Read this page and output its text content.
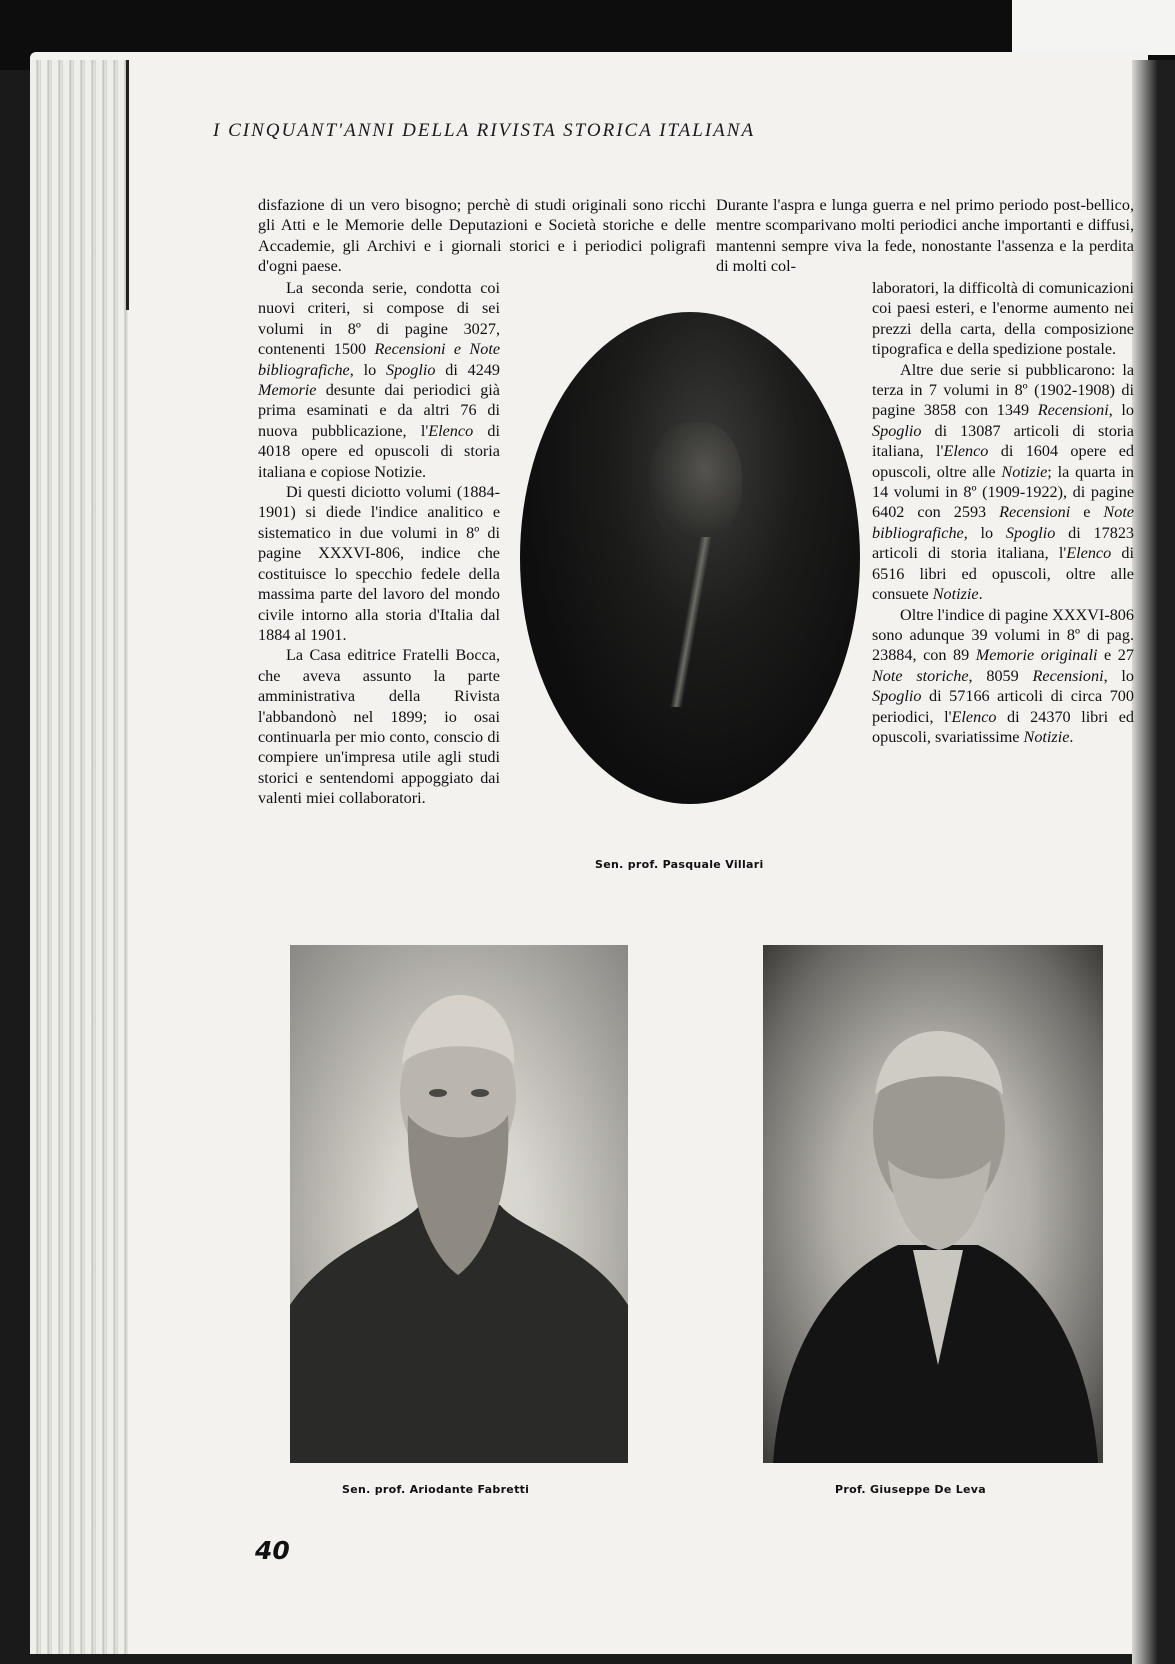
I CINQUANT'ANNI DELLA RIVISTA STORICA ITALIANA

disfazione di un vero bisogno; perchè di studi originali sono ricchi gli Atti e le Memorie delle Deputazioni e Società storiche e delle Accademie, gli Archivi e i giornali storici e i periodici poligrafi d'ogni paese.

Durante l'aspra e lunga guerra e nel primo periodo post-bellico, mentre scomparivano molti periodici anche importanti e diffusi, mantenni sempre viva la fede, nonostante l'assenza e la perdita di molti col-

La seconda serie, condotta coi nuovi criteri, si compose di sei volumi in 8º di pagine 3027, contenenti 1500 Recensioni e Note bibliografiche, lo Spoglio di 4249 Memorie desunte dai periodici già prima esaminati e da altri 76 di nuova pubblicazione, l'Elenco di 4018 opere ed opuscoli di storia italiana e copiose Notizie.

Di questi diciotto volumi (1884-1901) si diede l'indice analitico e sistematico in due volumi in 8º di pagine XXXVI-806, indice che costituisce lo specchio fedele della massima parte del lavoro del mondo civile intorno alla storia d'Italia dal 1884 al 1901.

La Casa editrice Fratelli Bocca, che aveva assunto la parte amministrativa della Rivista l'abbandonò nel 1899; io osai continuarla per mio conto, conscio di compiere un'impresa utile agli studi storici e sentendomi appoggiato dai valenti miei collaboratori.

laboratori, la difficoltà di comunicazioni coi paesi esteri, e l'enorme aumento nei prezzi della carta, della composizione tipografica e della spedizione postale.

Altre due serie si pubblicarono: la terza in 7 volumi in 8º (1902-1908) di pagine 3858 con 1349 Recensioni, lo Spoglio di 13087 articoli di storia italiana, l'Elenco di 1604 opere ed opuscoli, oltre alle Notizie; la quarta in 14 volumi in 8º (1909-1922), di pagine 6402 con 2593 Recensioni e Note bibliografiche, lo Spoglio di 17823 articoli di storia italiana, l'Elenco di 6516 libri ed opuscoli, oltre alle consuete Notizie.

Oltre l'indice di pagine XXXVI-806 sono adunque 39 volumi in 8º di pag. 23884, con 89 Memorie originali e 27 Note storiche, 8059 Recensioni, lo Spoglio di 57166 articoli di circa 700 periodici, l'Elenco di 24370 libri ed opuscoli, svariatissime Notizie.

Sen. prof. Pasquale Villari
Sen. prof. Ariodante Fabretti	Prof. Giuseppe De Leva
40
